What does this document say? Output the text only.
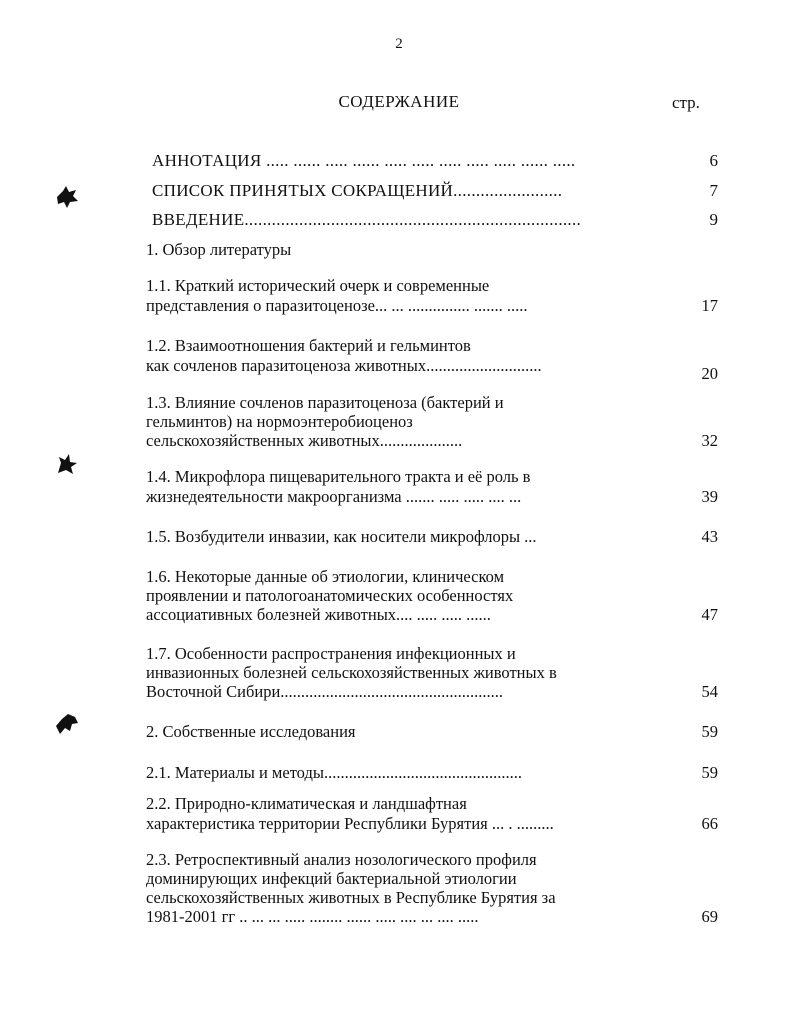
2
СОДЕРЖАНИЕ	стр.
АННОТАЦИЯ ..... ...... ..... ...... ..... ..... ..... ..... ..... ...... .....	6
СПИСОК ПРИНЯТЫХ СОКРАЩЕНИЙ........................	7
ВВЕДЕНИЕ..........................................................................	9
1. Обзор литературы
1.1. Краткий исторический очерк и современные
представления о паразитоценозе... ... ............... ....... .....	17
1.2. Взаимоотношения бактерий и гельминтов
как сочленов паразитоценоза животных............................	20
1.3. Влияние сочленов паразитоценоза (бактерий и
гельминтов) на нормоэнтеробиоценоз
сельскохозяйственных животных....................	32
1.4. Микрофлора пищеварительного тракта и её роль в
жизнедеятельности макроорганизма ....... ..... ..... .... ...	39
1.5. Возбудители инвазии, как носители микрофлоры ...	43
1.6. Некоторые данные об этиологии, клиническом
проявлении и патологоанатомических особенностях
ассоциативных болезней животных.... ..... ..... ......	47
1.7. Особенности распространения инфекционных и
инвазионных болезней сельскохозяйственных животных в
Восточной Сибири......................................................	54
2. Собственные исследования	59
2.1. Материалы и методы................................................	59
2.2. Природно-климатическая и ландшафтная
характеристика территории Республики Бурятия ... . .........	66
2.3. Ретроспективный анализ нозологического профиля
доминирующих инфекций бактериальной этиологии
сельскохозяйственных животных в Республике Бурятия за
1981-2001 гг .. ... ... ..... ........ ...... ..... .... ... .... .....	69
